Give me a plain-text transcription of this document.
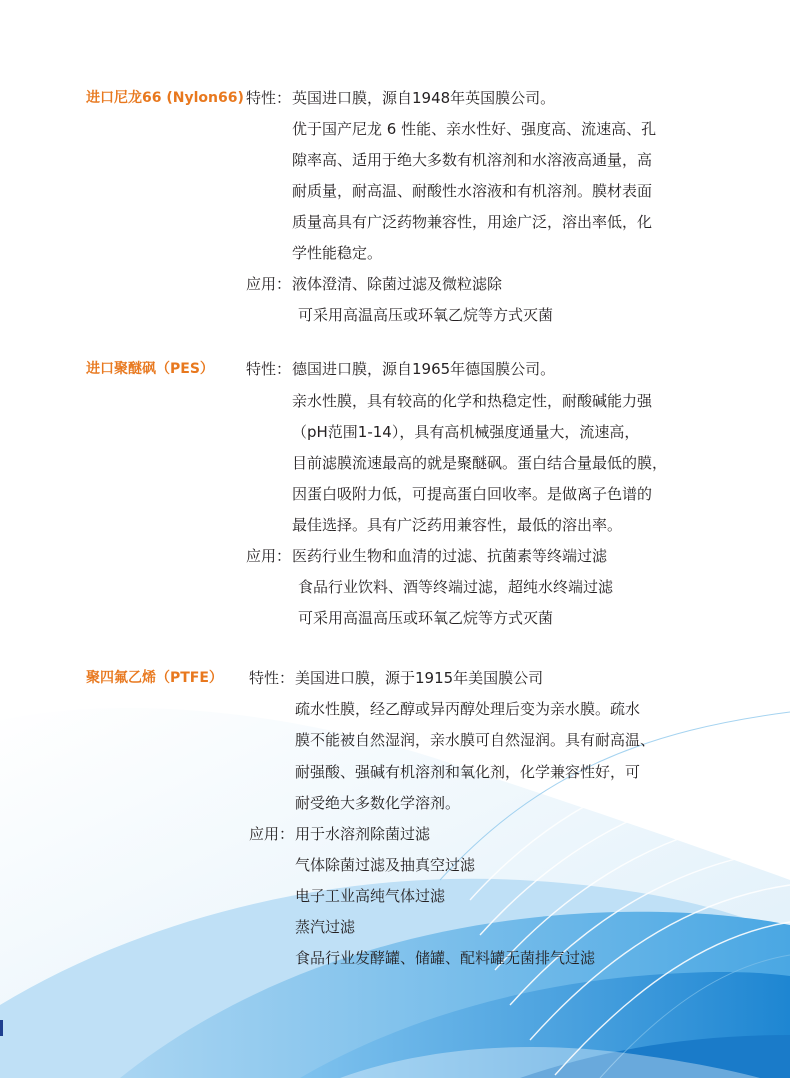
进口尼龙66 (Nylon66) 特性： 英国进口膜，源自1948年英国膜公司。
优于国产尼龙 6 性能、亲水性好、强度高、流速高、孔
隙率高、适用于绝大多数有机溶剂和水溶液高通量，高
耐质量，耐高温、耐酸性水溶液和有机溶剂。膜材表面
质量高具有广泛药物兼容性，用途广泛，溶出率低，化
学性能稳定。
应用： 液体澄清、除菌过滤及微粒滤除
可采用高温高压或环氧乙烷等方式灭菌
进口聚醚砜（PES） 特性： 德国进口膜，源自1965年德国膜公司。
亲水性膜，具有较高的化学和热稳定性，耐酸碱能力强
（pH范围1-14），具有高机械强度通量大，流速高，
目前滤膜流速最高的就是聚醚砜。蛋白结合量最低的膜，
因蛋白吸附力低，可提高蛋白回收率。是做离子色谱的
最佳选择。具有广泛药用兼容性，最低的溶出率。
应用： 医药行业生物和血清的过滤、抗菌素等终端过滤
食品行业饮料、酒等终端过滤，超纯水终端过滤
可采用高温高压或环氧乙烷等方式灭菌
聚四氟乙烯（PTFE） 特性： 美国进口膜，源于1915年美国膜公司
疏水性膜，经乙醇或异丙醇处理后变为亲水膜。疏水
膜不能被自然湿润，亲水膜可自然湿润。具有耐高温、
耐强酸、强碱有机溶剂和氧化剂，化学兼容性好，可
耐受绝大多数化学溶剂。
应用： 用于水溶剂除菌过滤
气体除菌过滤及抽真空过滤
电子工业高纯气体过滤
蒸汽过滤
食品行业发酵罐、储罐、配料罐无菌排气过滤
